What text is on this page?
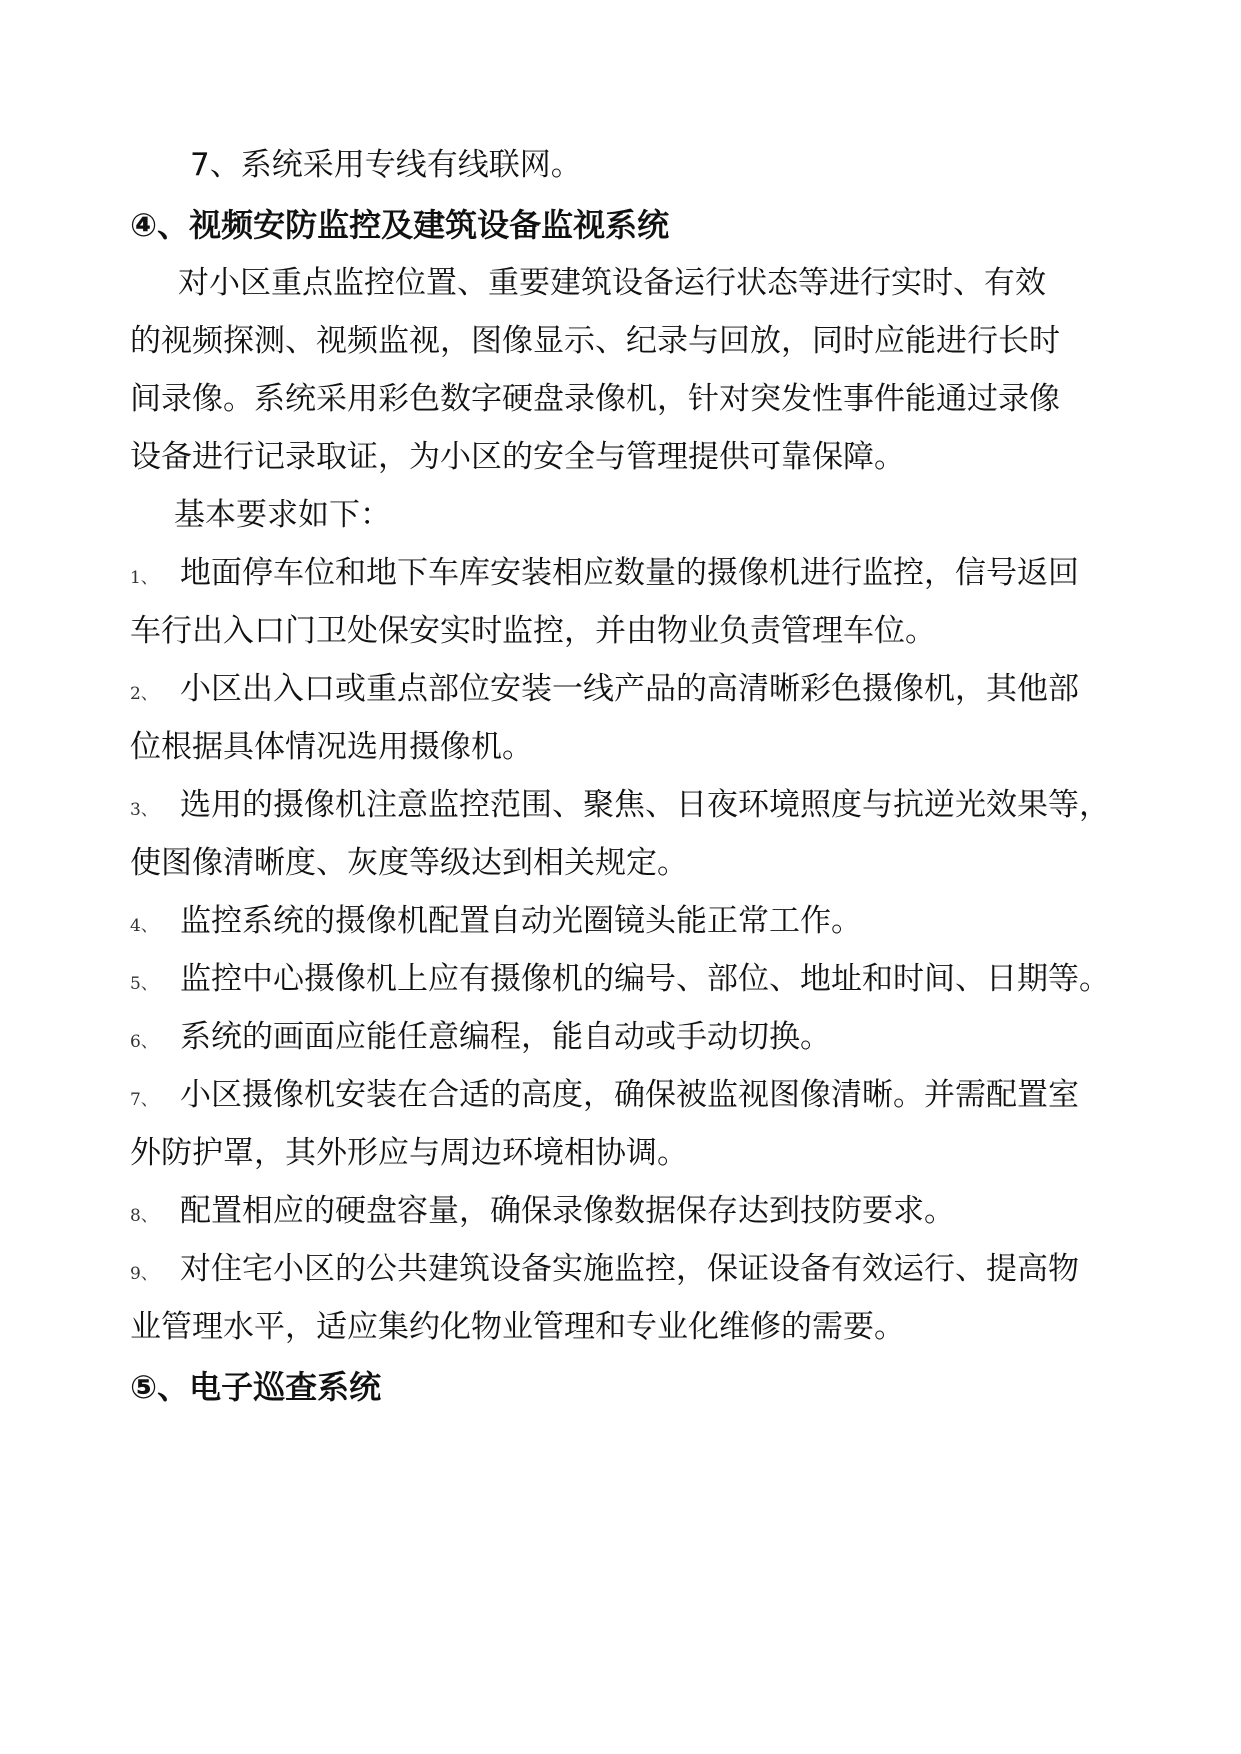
7、系统采用专线有线联网。
④、视频安防监控及建筑设备监视系统
对小区重点监控位置、重要建筑设备运行状态等进行实时、有效
的视频探测、视频监视，图像显示、纪录与回放，同时应能进行长时
间录像。系统采用彩色数字硬盘录像机，针对突发性事件能通过录像
设备进行记录取证，为小区的安全与管理提供可靠保障。
基本要求如下：
1、 地面停车位和地下车库安装相应数量的摄像机进行监控，信号返回
车行出入口门卫处保安实时监控，并由物业负责管理车位。
2、 小区出入口或重点部位安装一线产品的高清晰彩色摄像机，其他部
位根据具体情况选用摄像机。
3、 选用的摄像机注意监控范围、聚焦、日夜环境照度与抗逆光效果等，
使图像清晰度、灰度等级达到相关规定。
4、 监控系统的摄像机配置自动光圈镜头能正常工作。
5、 监控中心摄像机上应有摄像机的编号、部位、地址和时间、日期等。
6、 系统的画面应能任意编程，能自动或手动切换。
7、 小区摄像机安装在合适的高度，确保被监视图像清晰。并需配置室
外防护罩，其外形应与周边环境相协调。
8、 配置相应的硬盘容量，确保录像数据保存达到技防要求。
9、 对住宅小区的公共建筑设备实施监控，保证设备有效运行、提高物
业管理水平，适应集约化物业管理和专业化维修的需要。
⑤、电子巡查系统
